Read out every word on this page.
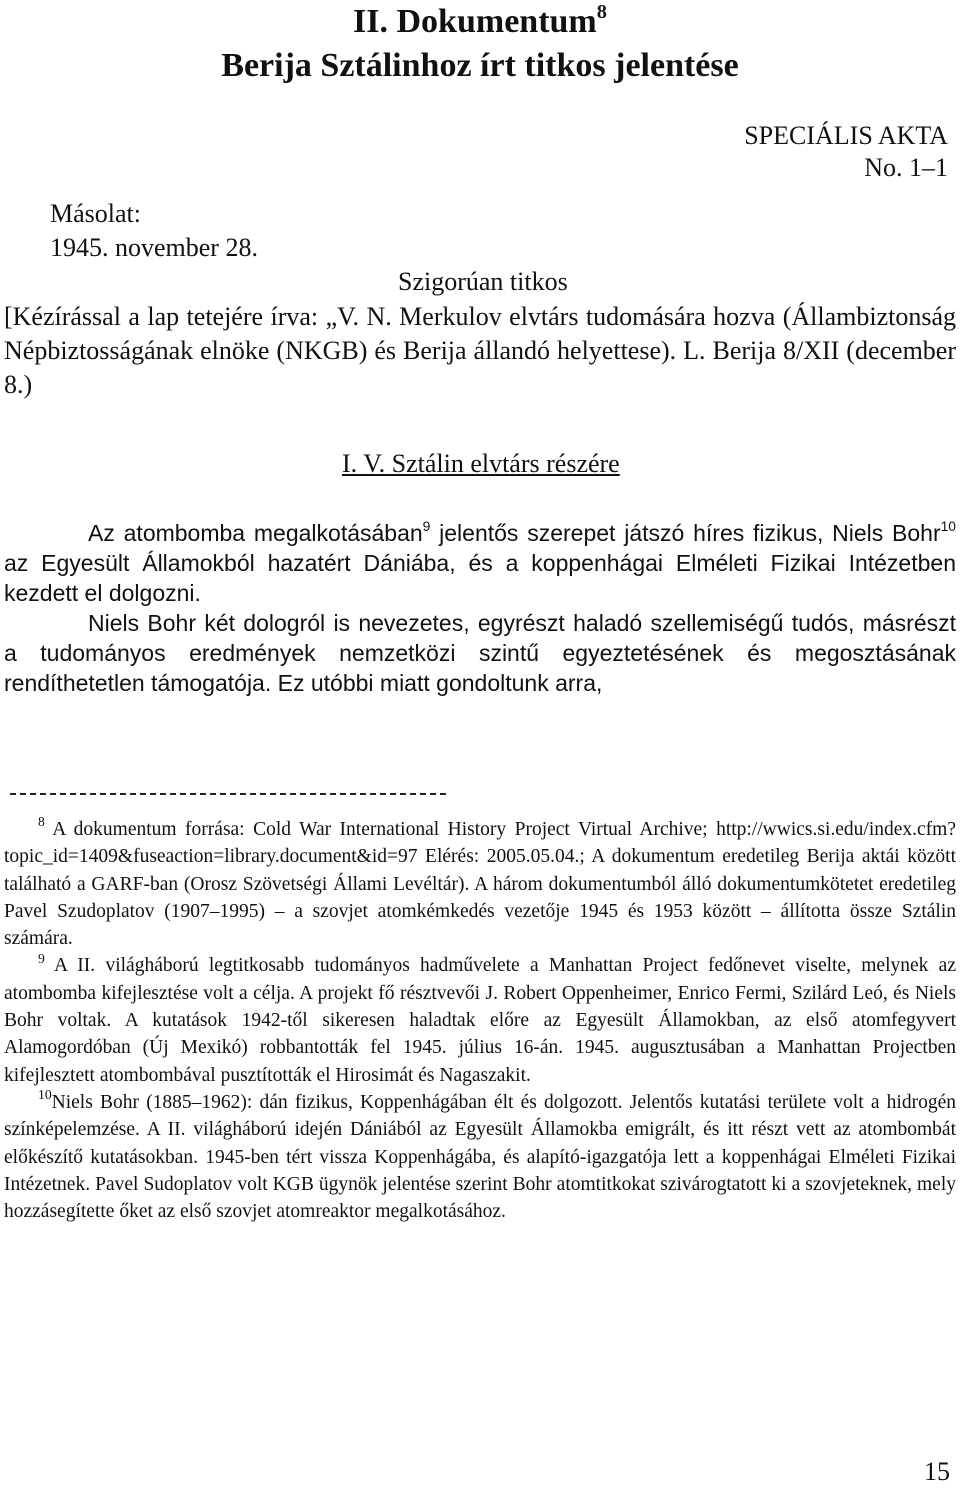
II. Dokumentum$^8$
Berija Sztálinhoz írt titkos jelentése
SPECIÁLIS AKTA
No. 1–1
Másolat:
1945. november 28.
Szigorúan titkos
[Kézírással a lap tetejére írva: „V. N. Merkulov elvtárs tudomására hozva (Állambiztonság Népbiztosságának elnöke (NKGB) és Berija állandó helyettese). L. Berija 8/XII (december 8.)
I. V. Sztálin elvtárs részére

Az atombomba megalkotásában$^9$ jelentős szerepet játszó híres fizikus, Niels Bohr$^{10}$ az Egyesült Államokból hazatért Dániába, és a koppenhágai Elméleti Fizikai Intézetben kezdett el dolgozni.

Niels Bohr két dologról is nevezetes, egyrészt haladó szellemiségű tudós, másrészt a tudományos eredmények nemzetközi szintű egyeztetésének és megosztásának rendíthetetlen támogatója. Ez utóbbi miatt gondoltunk arra,

$^8$ A dokumentum forrása: Cold War International History Project Virtual Archive; http://wwics.si.edu/index.cfm?topic_id=1409&fuseaction=library.document&id=97 Elérés: 2005.05.04.; A dokumentum eredetileg Berija aktái között található a GARF-ban (Orosz Szövetségi Állami Levéltár). A három dokumentumból álló dokumentumkötetet eredetileg Pavel Szudoplatov (1907–1995) – a szovjet atomkémkedés vezetője 1945 és 1953 között – állította össze Sztálin számára.

$^9$ A II. világháború legtitkosabb tudományos hadművelete a Manhattan Project fedőnevet viselte, melynek az atombomba kifejlesztése volt a célja. A projekt fő résztvevői J. Robert Oppenheimer, Enrico Fermi, Szilárd Leó, és Niels Bohr voltak. A kutatások 1942-től sikeresen haladtak előre az Egyesült Államokban, az első atomfegyvert Alamogordóban (Új Mexikó) robbantották fel 1945. július 16-án. 1945. augusztusában a Manhattan Projectben kifejlesztett atombombával pusztították el Hirosimát és Nagaszakit.

$^{10}$Niels Bohr (1885–1962): dán fizikus, Koppenhágában élt és dolgozott. Jelentős kutatási területe volt a hidrogén színképelemzése. A II. világháború idején Dániából az Egyesült Államokba emigrált, és itt részt vett az atombombát előkészítő kutatásokban. 1945-ben tért vissza Koppenhágába, és alapító-igazgatója lett a koppenhágai Elméleti Fizikai Intézetnek. Pavel Sudoplatov volt KGB ügynök jelentése szerint Bohr atomtitkokat szivárogtatott ki a szovjeteknek, mely hozzásegítette őket az első szovjet atomreaktor megalkotásához.

15
